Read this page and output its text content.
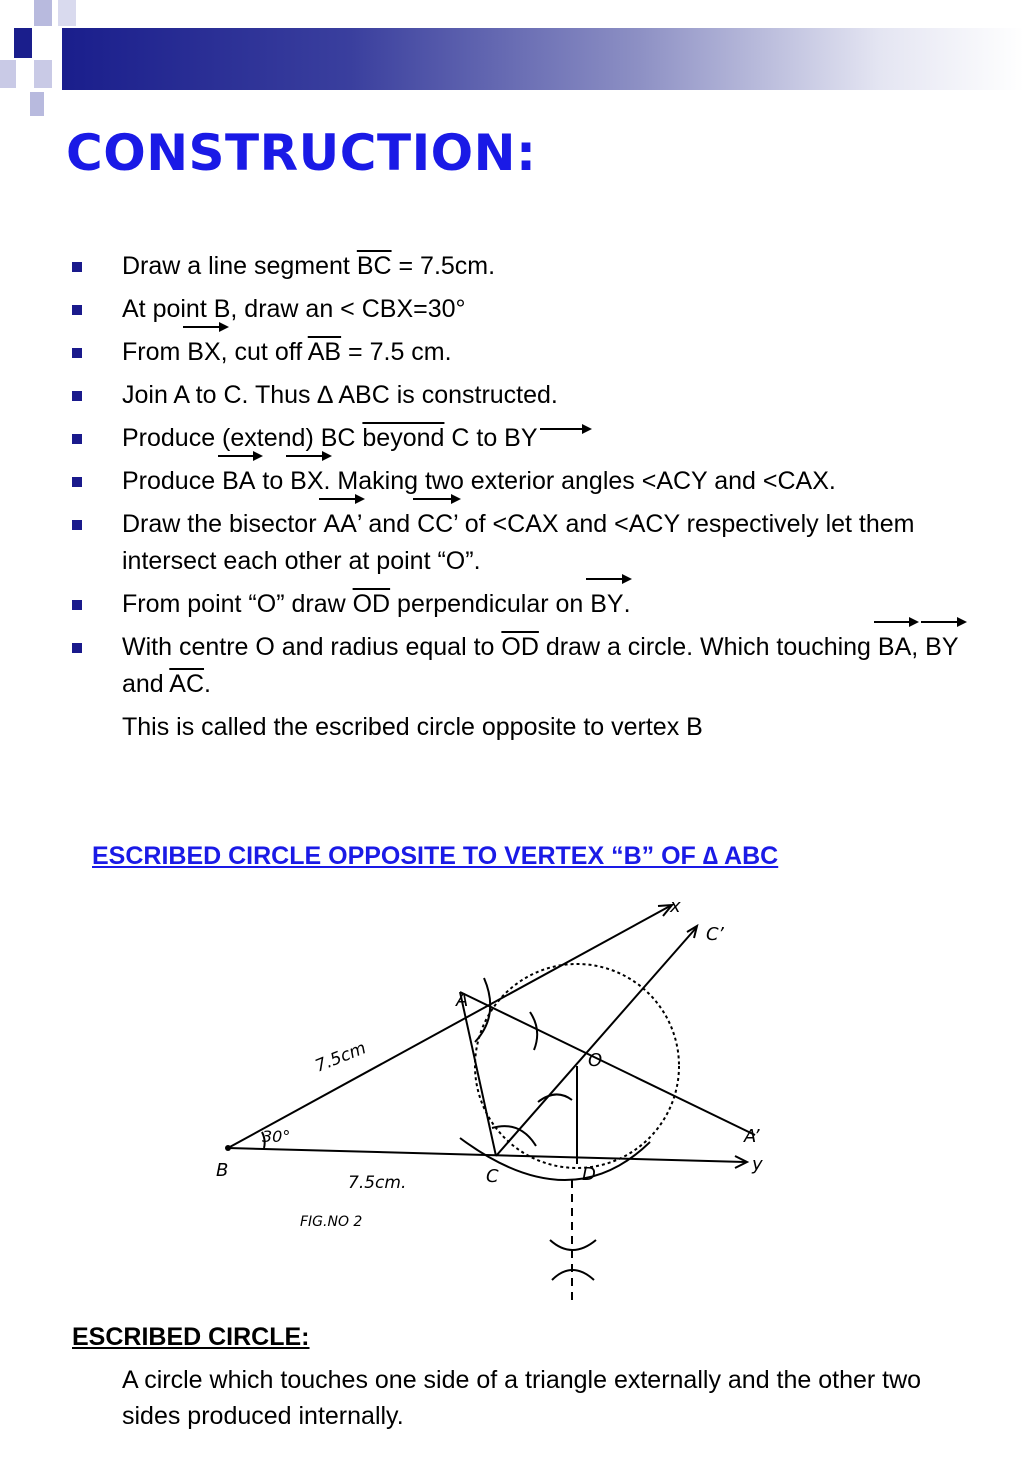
CONSTRUCTION:
Draw a line segment $\overline{BC} = 7.5cm$.
At point B, draw an < CBX=30°
From BX, cut off $\overline{AB} = 7.5$ cm.
Join A to C. Thus ∆ ABC is constructed.
Produce (extend) BC beyond C to BY
Produce BA to BX. Making two exterior angles <ACY and <CAX.
Draw the bisector AA’ and CC’ of <CAX and <ACY respectively let them intersect each other at point “O”.
From point “O” draw $\overline{OD}$ perpendicular on BY.
With centre O and radius equal to $\overline{OD}$ draw a circle. Which touching BA, BY and $\overline{AC}$.
This is called the escribed circle opposite to vertex B
ESCRIBED CIRCLE OPPOSITE TO VERTEX “B” OF ∆ ABC
A
B	C	D
O
x
y
A’
C’
30°
7.5cm
7.5cm.
FIG.NO 2
ESCRIBED CIRCLE:
A circle which touches one side of a triangle externally and the other two sides produced internally.
